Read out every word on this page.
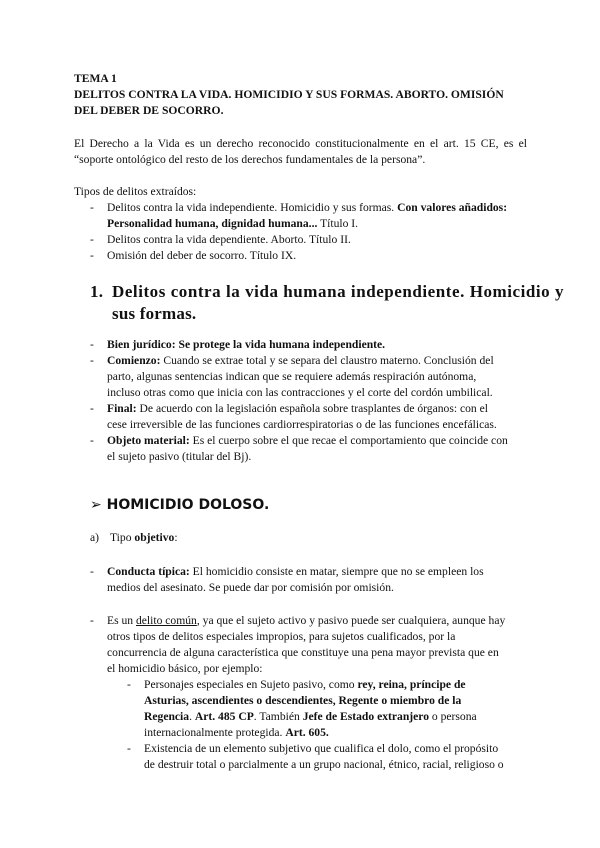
TEMA 1
DELITOS CONTRA LA VIDA. HOMICIDIO Y SUS FORMAS. ABORTO. OMISIÓN
DEL DEBER DE SOCORRO.
El Derecho a la Vida es un derecho reconocido constitucionalmente en el art. 15 CE, es el
“soporte ontológico del resto de los derechos fundamentales de la persona”.
Tipos de delitos extraídos:
-	Delitos contra la vida independiente. Homicidio y sus formas. Con valores añadidos:
Personalidad humana, dignidad humana... Título I.
-	Delitos contra la vida dependiente. Aborto. Título II.
-	Omisión del deber de socorro. Título IX.
1. Delitos contra la vida humana independiente. Homicidio y
sus formas.
-	Bien jurídico: Se protege la vida humana independiente.
-	Comienzo: Cuando se extrae total y se separa del claustro materno. Conclusión del
parto, algunas sentencias indican que se requiere además respiración autónoma,
incluso otras como que inicia con las contracciones y el corte del cordón umbilical.
-	Final: De acuerdo con la legislación española sobre trasplantes de órganos: con el
cese irreversible de las funciones cardiorrespiratorias o de las funciones encefálicas.
-	Objeto material: Es el cuerpo sobre el que recae el comportamiento que coincide con
el sujeto pasivo (titular del Bj).
➢ HOMICIDIO DOLOSO.
a) Tipo objetivo:
-	Conducta típica: El homicidio consiste en matar, siempre que no se empleen los
medios del asesinato. Se puede dar por comisión por omisión.
-	Es un delito común, ya que el sujeto activo y pasivo puede ser cualquiera, aunque hay
otros tipos de delitos especiales impropios, para sujetos cualificados, por la
concurrencia de alguna característica que constituye una pena mayor prevista que en
el homicidio básico, por ejemplo:
-	Personajes especiales en Sujeto pasivo, como rey, reina, príncipe de
Asturias, ascendientes o descendientes, Regente o miembro de la
Regencia. Art. 485 CP. También Jefe de Estado extranjero o persona
internacionalmente protegida. Art. 605.
-	Existencia de un elemento subjetivo que cualifica el dolo, como el propósito
de destruir total o parcialmente a un grupo nacional, étnico, racial, religioso o
